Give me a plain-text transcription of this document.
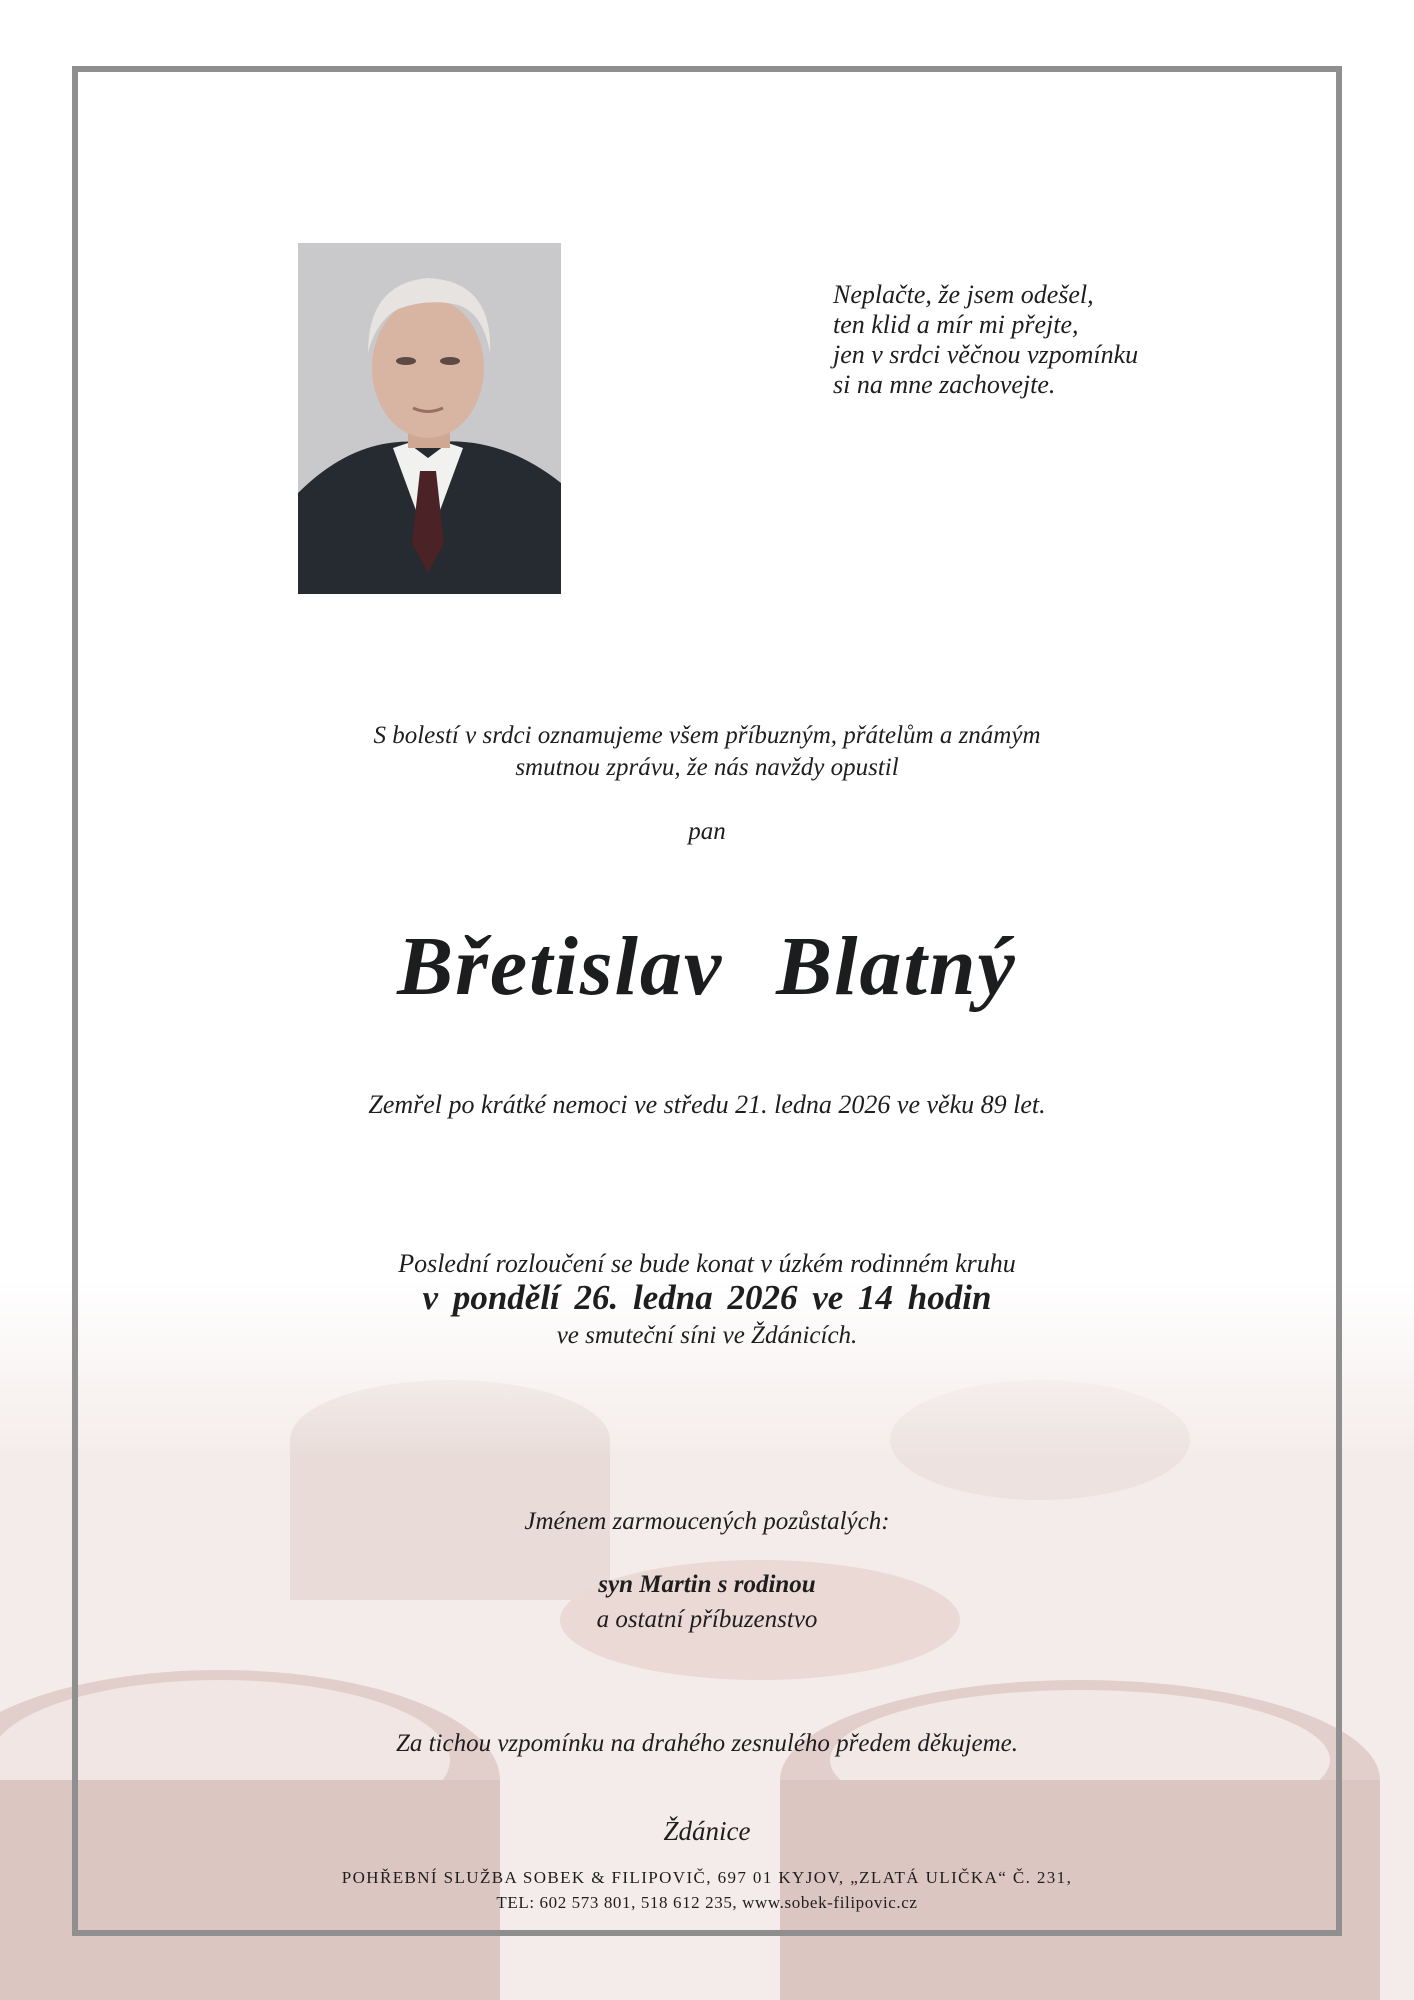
Neplačte, že jsem odešel,
ten klid a mír mi přejte,
jen v srdci věčnou vzpomínku
si na mne zachovejte.
S bolestí v srdci oznamujeme všem příbuzným, přátelům a známým
smutnou zprávu, že nás navždy opustil
pan
Břetislav Blatný
Zemřel po krátké nemoci ve středu 21. ledna 2026 ve věku 89 let.
Poslední rozloučení se bude konat v úzkém rodinném kruhu
v pondělí 26. ledna 2026 ve 14 hodin
ve smuteční síni ve Ždánicích.
Jménem zarmoucených pozůstalých:
syn Martin s rodinou
a ostatní příbuzenstvo
Za tichou vzpomínku na drahého zesnulého předem děkujeme.
Ždánice
POHŘEBNÍ SLUŽBA SOBEK & FILIPOVIČ, 697 01 KYJOV, „ZLATÁ ULIČKA“ Č. 231,
TEL: 602 573 801, 518 612 235, www.sobek-filipovic.cz
